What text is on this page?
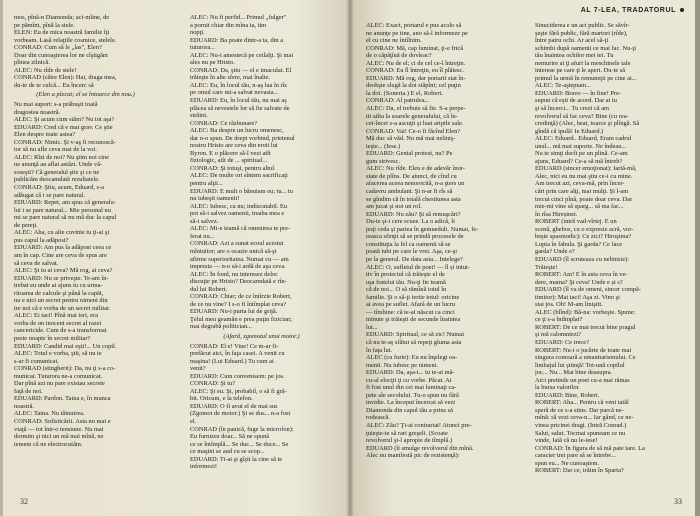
mos, pînă-n Diamonda; aci-mîine, de

pe pămînt, pînă la stele.

ELEN: Eu de mica noastră familie îţi

vorbeam. Lasă relaţiile cosmice, stelele.

CONRAD: Cum să le „las", Elen?

Doar din cunoaşterea lor ne cîştigăm

pîinea zilnică.

ALEC: Nu rîde de stele!

CONRAD (către Elen): Hai, draga mea,

du-te de te culcă... Eu încerc să

(Elen a plecat; el se întoarce din nou.)

Nu mai suport: s-a prăbuşit toată

dragostea noastră.

ALEC: Şi acum cum stăm? Nu tot aşa?

EDUARD: Cred că e mai grav. Ce ştie

Elen despre toate astea?

CONRAD: Nimic. Şi v-aş fi recunoscă-

tor să nu afle ceva mai de la voi.

ALEC: Rîzi de noi? Nu ştim noi cine

ne anunţă an aflat astăzi. Unde vă-

soseşti? Că generalul ştie şi ce ne

publicăm deocamdată rezultatele.

CONRAD: Ştiu, acum, Eduard, s-a

adăugat că i se pare natural.

EDUARD: Repet, am spus că generalu-

lui i se pare natural... Mie personal nu

mi se pare natural să nu mă duc la capul

de pereţi.

ALEC: Aha, cu alte cuvinte tu ţi-ai şi

pus capul la adăpost?

EDUARD: Am pus la adăpost ceea ce

am în cap. Cine are ceva de spus are

să ceva de salvat.

ALEC: Şi tu ai ceva? Mă rog, ai ceva?

EDUARD: Nu se priveşte. Te-am în-

trebat eu unde ai ajuns tu cu urma-

ritoarea de calcule şi până la capăt,

nu e nici un secret pentru nimeni din

tre noi că e vorba de un secret militar.

ALEC: Ei taci! Pînă mai ieri, era

vorba de un inocent secret al razei

cancericide. Cum de s-a transformat

peste noapte în secret militar?

EDUARD: Candid mai eşti!... Un copil.

ALEC: Totul e vorba, ştii, să nu te

s-ar fi comunicat.

CONRAD (stingherit): Da, nu ţi s-a co-

municat. Tuturora ne-a comunicat.

Dar pînă azi nu pare existau secrete

faţă de noi.

EDUARD: Pardon. Taina e, în munca

noastră.

ALEC: Taina. Nu tăinuirea.

CONRAD: Sofisticării. Asta nu mai e

viaţă — tot într-o tensiune. Nu mai

dormim şi nici un mă mai mînă, ne

temem că ne electrocutăm.

ALEC: Nu fi perfid... Primul „fulger"

a pornit chiar din mîna ta, tim

nopţi.

EDUARD: Ba poate dintr-a ta, din a

tuturora...

ALEC: Nu-i amestecă pe ceilalţi. Şi mai

ales nu pe Hristo.

CONRAD: Da, ştiu — el e imaculat. El

trăieşte în alte sfere, mai înalte.

ALEC: Eu, în locul tău, n-aş lua în rîs

pe omul care mi-a salvat nevasta...

EDUARD: Eu, în locul tău, nu mai aş

plăcea să nevestele lor să fie salvate de

străini.

CONRAD: Ce răzbunare?

ALEC: Ba despre un lucru omenesc,

dar n-o spun. De drept vorbind, prietenul

nostru Hristo are ceva din eroii lui

Byron. E o plăcere să-l vezi atît

fiziologic, atît de ... spiritual...

CONRAD: Şi totuşi, pentru altul.

ALEC: De multe ori sîntem sacrificaţi

pentru alţii...

EDUARD: E mult o bănuiam eu; tu... tu

nu iubeşti oamenii!

ALEC: Iubesc, ca nu; indiscutabil. Eu

pot să-i salvez oamenii, treaba mea e

să-i salvez.

ALEC: Mi-e teamă că omenirea te pre-

ferat nu...

CONRAD: Azi a sunat ecoul acestui

mîntuitor; are o ocazie unică să-şi

afirme superioritatea. Numai cu — am

impresia — n-o să-i ardă de aşa ceva.

ALEC: În fond, nu interesez deloc

discuţie pe Hristo? Deocamdată e rîn-

dul lui Robert.

CONRAD: Chiar; de ce întîrzie Robert,

de ce nu vine? I s-o fi întîmplat ceva?

EDUARD: Nu-i purta lui de grijă.

Ţelul meu geamăn e prea puţin fizician;

mai degrabă politician...

(Afară, zgomotul unui motor.)

CONRAD: El e! Vine! Ce m-ar fi-

prefăcut aici, în faţa casei. A venit cu

maşina! (Lui Eduard.) Tu cum ai

venit?

EDUARD: Cum convenisem: pe jos.

CONRAD: Şi tu?

ALEC: Şi eu. Şi, probabil, o să fi gră-

bit. Oricum, e la telefon.

EDUARD: O fi avut el de mai sus

(Zgomot de motor.) Şi se dus... n-a fost

el.

CONRAD (în panică, fuge la microfon):

Eu furnizez doar... Să ne spună

ce se întîmplă... Se duc... Se duce... Se

ce maşini se aud cu se scop...

EDUARD: Ti-ai şi gîşit la cine să te

informezi!

32
AL 7-LEA, TRADATORUL

ALEC: Exact, portarul e pus acolo să

ne anunţe pe tine, ano să-l informeze pe

el cu cine ne întîlnim.

CONRAD: Mă, cap luminat, ţi-e frică

de o căpăţînă de dovleac?

ALEC: Nu de el; ci de cel ce-l întreţin.

CONRAD: Eu îl întreţin, eu îl plătesc.

EDUARD: Mă rog, dar portarii stat în-

deobşte slugă la doi stăpîni; cel puţin

la doi. (Soneria.) E el, Robert.

CONRAD: Al patrulea...

ALEC: Da, el trebuie să fie. S-a perpe-

tit atîta la soarele generalului, că în-

cet-încet s-a ascuţit şi luat aripile sale.

CONRAD: Vai! Ce-o fi făcînd Elen?

Mă duc să văd. Nu mă mai neliniş-

teşte... (Iese.)

EDUARD: Genial protest, nu? Pe

gum strivesc.

ALEC: Nu rîde. Eleu e de adevăr înor-

state de plîns. De atunci, de cînd cu

afacerea aceea nenorocită, n-a şters un

cadavru ambulant. Şi n-ar fi rîs să

se gîndim că în totală chestiunea asta

am jucat şi noi un rol.

EDUARD: Nu zău? Şi să remuşcări?

Du-te şi-i cere scuze. La o adică, îi

poţi ceda şi partea în gemueduli. Numai, fe-

reasca sfinţit să se prindă procesele de

constituţia la fel ca oamenii să se

poată iubi pe care le vrei. Aşa, ce-şi

pe la general. De data asta... Intelege?

ALEC: O, sufletul de poet! — îl și intui-

tiv în proiectul că trăieşte el de

uşa fratelui tău. Nu-ţi fie teamă

că de noi... O să rămînă totul în

familie. Şi o să-ţi iertie totul: oricine

ai avea pe suflet. Afară de un lucru

— tîmbine: că te-ai născut ca cinci

minute şi trăieşti de secunde înaintea

lui...

EDUARD: Spiritual, ce să zic! Numai

că nu te-aş sfătui să repeţi gluma asta

în faţa lui.

ALEC (cu furie): Eu nu înţelegi oa-

menii. Nu iubesc pe nimeni.

EDUARD: Da, aşa-i... tu te-ai mă-

cu-al elocţii ţi cu vorbe. Păcat. Ai

fi fost unul din cei mai luminaţi ca-

pete ale secolului. Tu-o spun nu fără

invidie. La început încercai să vezi

Diamonda din capul tău a prins să

rodească.

ALEC: Zău? Ţi-ai contrariat! Atunci pre-

ţuieşte-te să rari greşeli. (Scoate

revolverul şi-l apropie de tîmplă.)

EDUARD (îi smulge revolverul din mînă.

Alec nu manifestă pic de rezistenţă):

Sinuciderea e un act public. Se săvîr-

şeşte fără public, fără martori (rîde),

între patru ochi. Ar acel să-ţi

schimbi după oamenii ce mai fac. Nu-ţi

tău înaintea ochilor mei tei. Tu

nemurire ai ţi afuri la meschinele tale

interese pe care ţi le aperi. Du-te să

primul la urmă în remuneţii pe cine ai...

ALEC: Te-aşteptam...

EDUARD: Bravo — în fine! Pre-

supun că eşti de acord. Dar ai tu

şi să încerci... Tu crezi că am

revolverul să fac ceva? Bine (cu rea-

credinţă) (Alec, beat, toarce şi plîngă. Să

gîndă că ipulă! Ie Eduard.)

ALEC: Eduard.. Eduard, Eram cadrul

unul... mă mai suporte. Ne îndeau...

Nu te simţi decît pe un plină. Ce-am

ajuns, Eduard? Ce-a să mă întreb?

EDUARD (sincer emoţionat): Iartă-mă,

Alec, nici eu nu mai ştiu ce-i cu mine.

Am trecut azi, ceva-mă, prin încer-

cări prin care alţi, mai mulţi. Și l-am

trecut cinci pînă, poate doar ceva. Dar

mie-mi vine să sparg... să ma fac...

în rîsa Hireșinei.

ROBERT (intră vad-vîrtej. E un

scenă, ghebos, cu o expresie acră, vor-

beşte spasmodic): Ce zici? Hiroşima?

Lupta în fabula. Şi garda? Ce face

garda? Unde e?

EDUARD (îl scruteaza cu neliniste):

Trăieşte!

ROBERT: Am! E în asta ceva în ve-

dere, mama? Şi ceva! Unde e și s?

EDUARD (îl va de omeni, sincer compă-

timitor): Mai taci! Aşa zi. Vino şi

stai jos. Oh! M-am liniştit.

ALEC (blînd): Bă-na: vorbeşte. Spune:

ce ţi s-a întîmplat?

ROBERT: De ce mai trecut bine pragul

şi mă calomniezi?

EDUARD: Ce trece?

ROBERT: Nu-i o jucărie de toate mai

singura comoară a umanitarismului. Ce

limbajul lui ştiinţă! Tot-ună copilul

joc... Nu... Mai bine deasupra.

Aici pretinde un poet cu-a mai rămas

la bursa valorilor.

EDUARD: Bine, Robert.

ROBERT: Aha... Pentru că veni tatăl

speră de ce s-a stins. Dar parcă ne-

mînă: să vezi ceva-n... Iar gând, ce ne-

vinea pricinei dragi. (Intră Conrad.)

Salut, salut. Tocmai spuneam ce nu

vinde, Iată că nu le-iese!

CONRAD: În figura de să mă pate tare. La

caracter trei pare să se întrebe...

spun eu... Ne cunoaştem.

ROBERT: Dar ce, trăim în Sparta?

33
